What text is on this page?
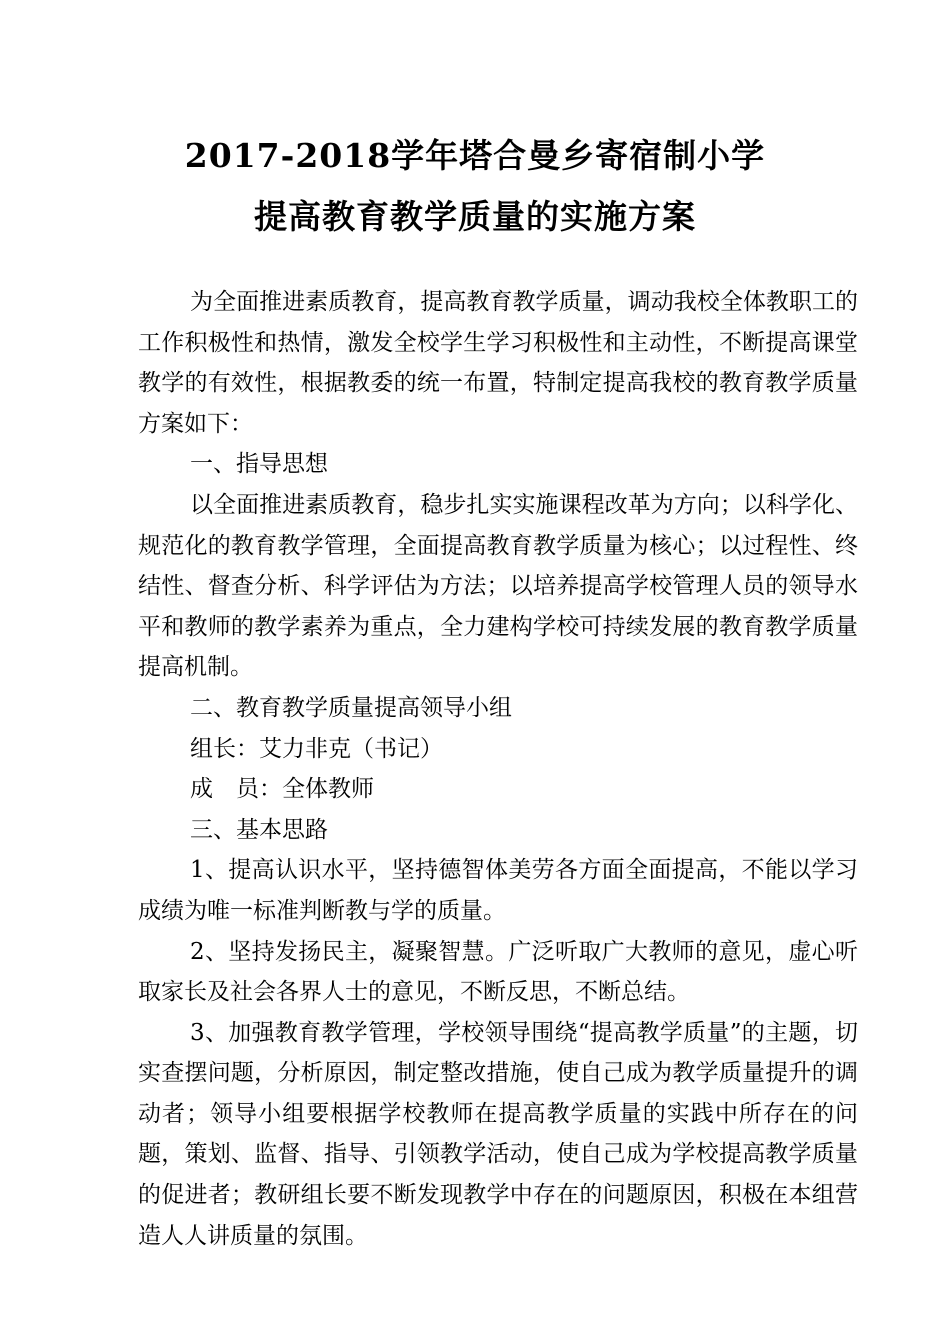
2017-2018学年塔合曼乡寄宿制小学
提高教育教学质量的实施方案

为全面推进素质教育，提高教育教学质量，调动我校全体教职工的工作积极性和热情，激发全校学生学习积极性和主动性，不断提高课堂教学的有效性，根据教委的统一布置，特制定提高我校的教育教学质量方案如下：

一、指导思想

以全面推进素质教育，稳步扎实实施课程改革为方向；以科学化、规范化的教育教学管理，全面提高教育教学质量为核心；以过程性、终结性、督查分析、科学评估为方法；以培养提高学校管理人员的领导水平和教师的教学素养为重点，全力建构学校可持续发展的教育教学质量提高机制。

二、教育教学质量提高领导小组

组长：艾力非克（书记）

成　员：全体教师

三、基本思路

1、提高认识水平，坚持德智体美劳各方面全面提高，不能以学习成绩为唯一标准判断教与学的质量。

2、坚持发扬民主，凝聚智慧。广泛听取广大教师的意见，虚心听取家长及社会各界人士的意见，不断反思，不断总结。

3、加强教育教学管理，学校领导围绕“提高教学质量”的主题，切实查摆问题，分析原因，制定整改措施，使自己成为教学质量提升的调动者；领导小组要根据学校教师在提高教学质量的实践中所存在的问题，策划、监督、指导、引领教学活动，使自己成为学校提高教学质量的促进者；教研组长要不断发现教学中存在的问题原因，积极在本组营造人人讲质量的氛围。
